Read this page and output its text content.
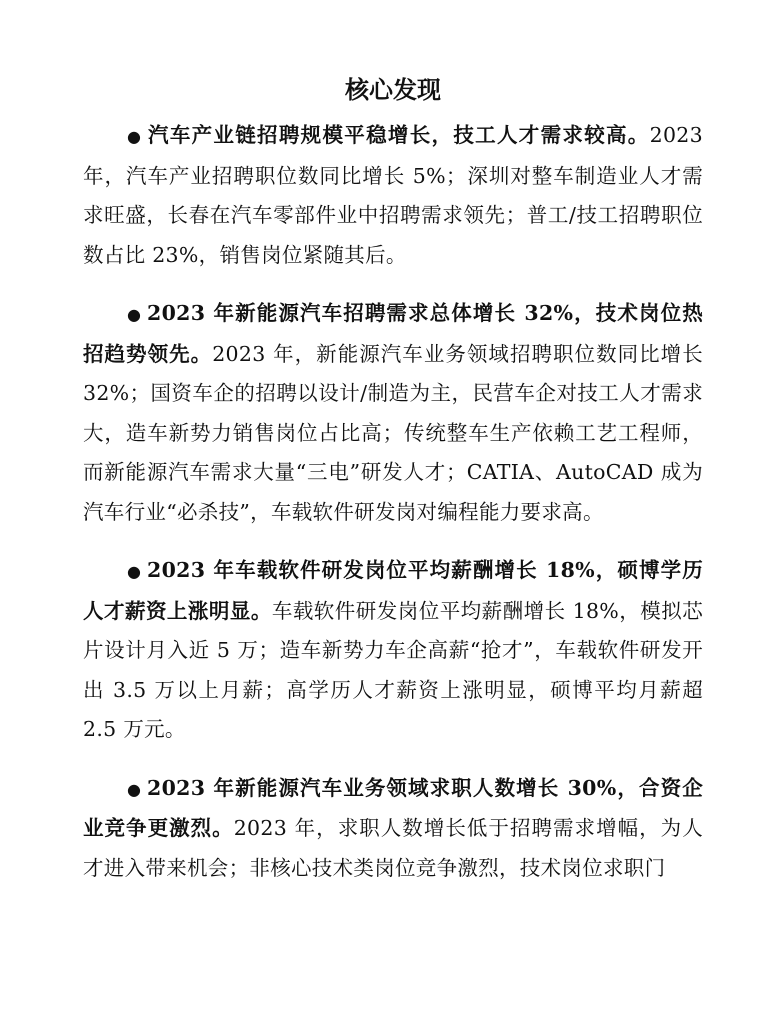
核心发现

● 汽车产业链招聘规模平稳增长，技工人才需求较高。2023年，汽车产业招聘职位数同比增长 5%；深圳对整车制造业人才需求旺盛，长春在汽车零部件业中招聘需求领先；普工/技工招聘职位数占比 23%，销售岗位紧随其后。

● 2023 年新能源汽车招聘需求总体增长 32%，技术岗位热招趋势领先。2023 年，新能源汽车业务领域招聘职位数同比增长32%；国资车企的招聘以设计/制造为主，民营车企对技工人才需求大，造车新势力销售岗位占比高；传统整车生产依赖工艺工程师，而新能源汽车需求大量“三电”研发人才；CATIA、AutoCAD 成为汽车行业“必杀技”，车载软件研发岗对编程能力要求高。

● 2023 年车载软件研发岗位平均薪酬增长 18%，硕博学历人才薪资上涨明显。车载软件研发岗位平均薪酬增长 18%，模拟芯片设计月入近 5 万；造车新势力车企高薪“抢才”，车载软件研发开出 3.5 万以上月薪；高学历人才薪资上涨明显，硕博平均月薪超 2.5 万元。

● 2023 年新能源汽车业务领域求职人数增长 30%，合资企业竞争更激烈。2023 年，求职人数增长低于招聘需求增幅，为人才进入带来机会；非核心技术类岗位竞争激烈，技术岗位求职门
